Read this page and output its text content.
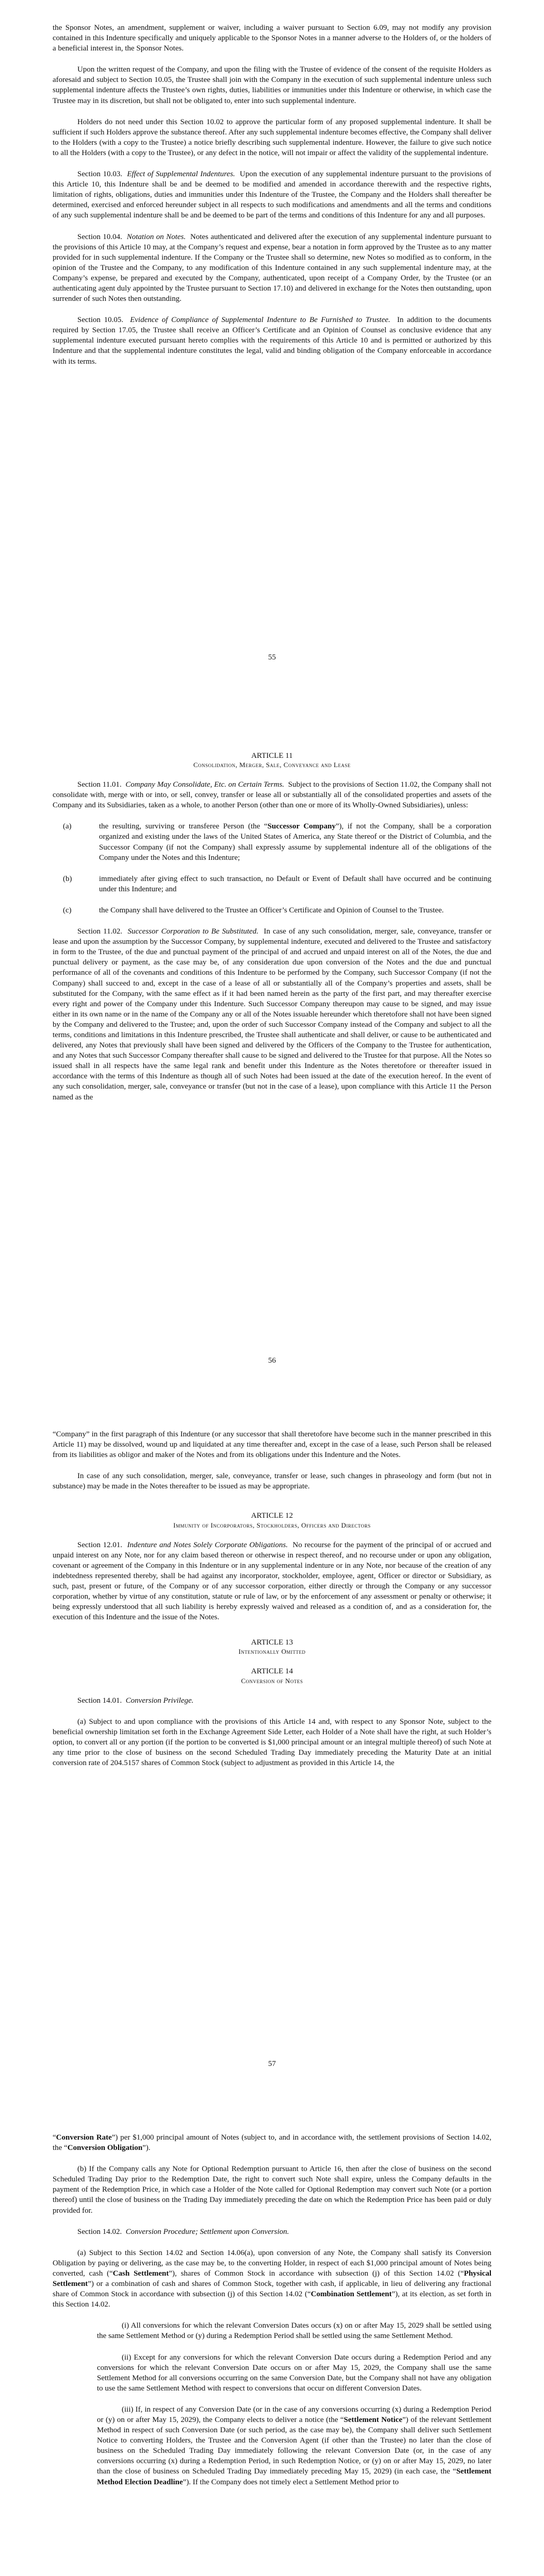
the Sponsor Notes, an amendment, supplement or waiver, including a waiver pursuant to Section 6.09, may not modify any provision contained in this Indenture specifically and uniquely applicable to the Sponsor Notes in a manner adverse to the Holders of, or the holders of a beneficial interest in, the Sponsor Notes.

Upon the written request of the Company, and upon the filing with the Trustee of evidence of the consent of the requisite Holders as aforesaid and subject to Section 10.05, the Trustee shall join with the Company in the execution of such supplemental indenture unless such supplemental indenture affects the Trustee’s own rights, duties, liabilities or immunities under this Indenture or otherwise, in which case the Trustee may in its discretion, but shall not be obligated to, enter into such supplemental indenture.

Holders do not need under this Section 10.02 to approve the particular form of any proposed supplemental indenture. It shall be sufficient if such Holders approve the substance thereof. After any such supplemental indenture becomes effective, the Company shall deliver to the Holders (with a copy to the Trustee) a notice briefly describing such supplemental indenture. However, the failure to give such notice to all the Holders (with a copy to the Trustee), or any defect in the notice, will not impair or affect the validity of the supplemental indenture.

Section 10.03. Effect of Supplemental Indentures. Upon the execution of any supplemental indenture pursuant to the provisions of this Article 10, this Indenture shall be and be deemed to be modified and amended in accordance therewith and the respective rights, limitation of rights, obligations, duties and immunities under this Indenture of the Trustee, the Company and the Holders shall thereafter be determined, exercised and enforced hereunder subject in all respects to such modifications and amendments and all the terms and conditions of any such supplemental indenture shall be and be deemed to be part of the terms and conditions of this Indenture for any and all purposes.

Section 10.04. Notation on Notes. Notes authenticated and delivered after the execution of any supplemental indenture pursuant to the provisions of this Article 10 may, at the Company’s request and expense, bear a notation in form approved by the Trustee as to any matter provided for in such supplemental indenture. If the Company or the Trustee shall so determine, new Notes so modified as to conform, in the opinion of the Trustee and the Company, to any modification of this Indenture contained in any such supplemental indenture may, at the Company’s expense, be prepared and executed by the Company, authenticated, upon receipt of a Company Order, by the Trustee (or an authenticating agent duly appointed by the Trustee pursuant to Section 17.10) and delivered in exchange for the Notes then outstanding, upon surrender of such Notes then outstanding.

Section 10.05. Evidence of Compliance of Supplemental Indenture to Be Furnished to Trustee. In addition to the documents required by Section 17.05, the Trustee shall receive an Officer’s Certificate and an Opinion of Counsel as conclusive evidence that any supplemental indenture executed pursuant hereto complies with the requirements of this Article 10 and is permitted or authorized by this Indenture and that the supplemental indenture constitutes the legal, valid and binding obligation of the Company enforceable in accordance with its terms.

55
ARTICLE 11
Consolidation, Merger, Sale, Conveyance and Lease

Section 11.01. Company May Consolidate, Etc. on Certain Terms. Subject to the provisions of Section 11.02, the Company shall not consolidate with, merge with or into, or sell, convey, transfer or lease all or substantially all of the consolidated properties and assets of the Company and its Subsidiaries, taken as a whole, to another Person (other than one or more of its Wholly-Owned Subsidiaries), unless:

(a)	the resulting, surviving or transferee Person (the “Successor Company”), if not the Company, shall be a corporation organized and existing under the laws of the United States of America, any State thereof or the District of Columbia, and the Successor Company (if not the Company) shall expressly assume by supplemental indenture all of the obligations of the Company under the Notes and this Indenture;
(b)	immediately after giving effect to such transaction, no Default or Event of Default shall have occurred and be continuing under this Indenture; and
(c)	the Company shall have delivered to the Trustee an Officer’s Certificate and Opinion of Counsel to the Trustee.

Section 11.02. Successor Corporation to Be Substituted. In case of any such consolidation, merger, sale, conveyance, transfer or lease and upon the assumption by the Successor Company, by supplemental indenture, executed and delivered to the Trustee and satisfactory in form to the Trustee, of the due and punctual payment of the principal of and accrued and unpaid interest on all of the Notes, the due and punctual delivery or payment, as the case may be, of any consideration due upon conversion of the Notes and the due and punctual performance of all of the covenants and conditions of this Indenture to be performed by the Company, such Successor Company (if not the Company) shall succeed to and, except in the case of a lease of all or substantially all of the Company’s properties and assets, shall be substituted for the Company, with the same effect as if it had been named herein as the party of the first part, and may thereafter exercise every right and power of the Company under this Indenture. Such Successor Company thereupon may cause to be signed, and may issue either in its own name or in the name of the Company any or all of the Notes issuable hereunder which theretofore shall not have been signed by the Company and delivered to the Trustee; and, upon the order of such Successor Company instead of the Company and subject to all the terms, conditions and limitations in this Indenture prescribed, the Trustee shall authenticate and shall deliver, or cause to be authenticated and delivered, any Notes that previously shall have been signed and delivered by the Officers of the Company to the Trustee for authentication, and any Notes that such Successor Company thereafter shall cause to be signed and delivered to the Trustee for that purpose. All the Notes so issued shall in all respects have the same legal rank and benefit under this Indenture as the Notes theretofore or thereafter issued in accordance with the terms of this Indenture as though all of such Notes had been issued at the date of the execution hereof. In the event of any such consolidation, merger, sale, conveyance or transfer (but not in the case of a lease), upon compliance with this Article 11 the Person named as the

56

“Company” in the first paragraph of this Indenture (or any successor that shall theretofore have become such in the manner prescribed in this Article 11) may be dissolved, wound up and liquidated at any time thereafter and, except in the case of a lease, such Person shall be released from its liabilities as obligor and maker of the Notes and from its obligations under this Indenture and the Notes.

In case of any such consolidation, merger, sale, conveyance, transfer or lease, such changes in phraseology and form (but not in substance) may be made in the Notes thereafter to be issued as may be appropriate.

ARTICLE 12
Immunity of Incorporators, Stockholders, Officers and Directors

Section 12.01. Indenture and Notes Solely Corporate Obligations. No recourse for the payment of the principal of or accrued and unpaid interest on any Note, nor for any claim based thereon or otherwise in respect thereof, and no recourse under or upon any obligation, covenant or agreement of the Company in this Indenture or in any supplemental indenture or in any Note, nor because of the creation of any indebtedness represented thereby, shall be had against any incorporator, stockholder, employee, agent, Officer or director or Subsidiary, as such, past, present or future, of the Company or of any successor corporation, either directly or through the Company or any successor corporation, whether by virtue of any constitution, statute or rule of law, or by the enforcement of any assessment or penalty or otherwise; it being expressly understood that all such liability is hereby expressly waived and released as a condition of, and as a consideration for, the execution of this Indenture and the issue of the Notes.

ARTICLE 13
Intentionally Omitted
ARTICLE 14
Conversion of Notes

Section 14.01. Conversion Privilege.

(a) Subject to and upon compliance with the provisions of this Article 14 and, with respect to any Sponsor Note, subject to the beneficial ownership limitation set forth in the Exchange Agreement Side Letter, each Holder of a Note shall have the right, at such Holder’s option, to convert all or any portion (if the portion to be converted is $1,000 principal amount or an integral multiple thereof) of such Note at any time prior to the close of business on the second Scheduled Trading Day immediately preceding the Maturity Date at an initial conversion rate of 204.5157 shares of Common Stock (subject to adjustment as provided in this Article 14, the

57

“Conversion Rate”) per $1,000 principal amount of Notes (subject to, and in accordance with, the settlement provisions of Section 14.02, the “Conversion Obligation”).

(b) If the Company calls any Note for Optional Redemption pursuant to Article 16, then after the close of business on the second Scheduled Trading Day prior to the Redemption Date, the right to convert such Note shall expire, unless the Company defaults in the payment of the Redemption Price, in which case a Holder of the Note called for Optional Redemption may convert such Note (or a portion thereof) until the close of business on the Trading Day immediately preceding the date on which the Redemption Price has been paid or duly provided for.

Section 14.02. Conversion Procedure; Settlement upon Conversion.

(a) Subject to this Section 14.02 and Section 14.06(a), upon conversion of any Note, the Company shall satisfy its Conversion Obligation by paying or delivering, as the case may be, to the converting Holder, in respect of each $1,000 principal amount of Notes being converted, cash (“Cash Settlement”), shares of Common Stock in accordance with subsection (j) of this Section 14.02 (“Physical Settlement”) or a combination of cash and shares of Common Stock, together with cash, if applicable, in lieu of delivering any fractional share of Common Stock in accordance with subsection (j) of this Section 14.02 (“Combination Settlement”), at its election, as set forth in this Section 14.02.

(i) All conversions for which the relevant Conversion Dates occurs (x) on or after May 15, 2029 shall be settled using the same Settlement Method or (y) during a Redemption Period shall be settled using the same Settlement Method.

(ii) Except for any conversions for which the relevant Conversion Date occurs during a Redemption Period and any conversions for which the relevant Conversion Date occurs on or after May 15, 2029, the Company shall use the same Settlement Method for all conversions occurring on the same Conversion Date, but the Company shall not have any obligation to use the same Settlement Method with respect to conversions that occur on different Conversion Dates.

(iii) If, in respect of any Conversion Date (or in the case of any conversions occurring (x) during a Redemption Period or (y) on or after May 15, 2029), the Company elects to deliver a notice (the “Settlement Notice”) of the relevant Settlement Method in respect of such Conversion Date (or such period, as the case may be), the Company shall deliver such Settlement Notice to converting Holders, the Trustee and the Conversion Agent (if other than the Trustee) no later than the close of business on the Scheduled Trading Day immediately following the relevant Conversion Date (or, in the case of any conversions occurring (x) during a Redemption Period, in such Redemption Notice, or (y) on or after May 15, 2029, no later than the close of business on Scheduled Trading Day immediately preceding May 15, 2029) (in each case, the “Settlement Method Election Deadline”). If the Company does not timely elect a Settlement Method prior to
